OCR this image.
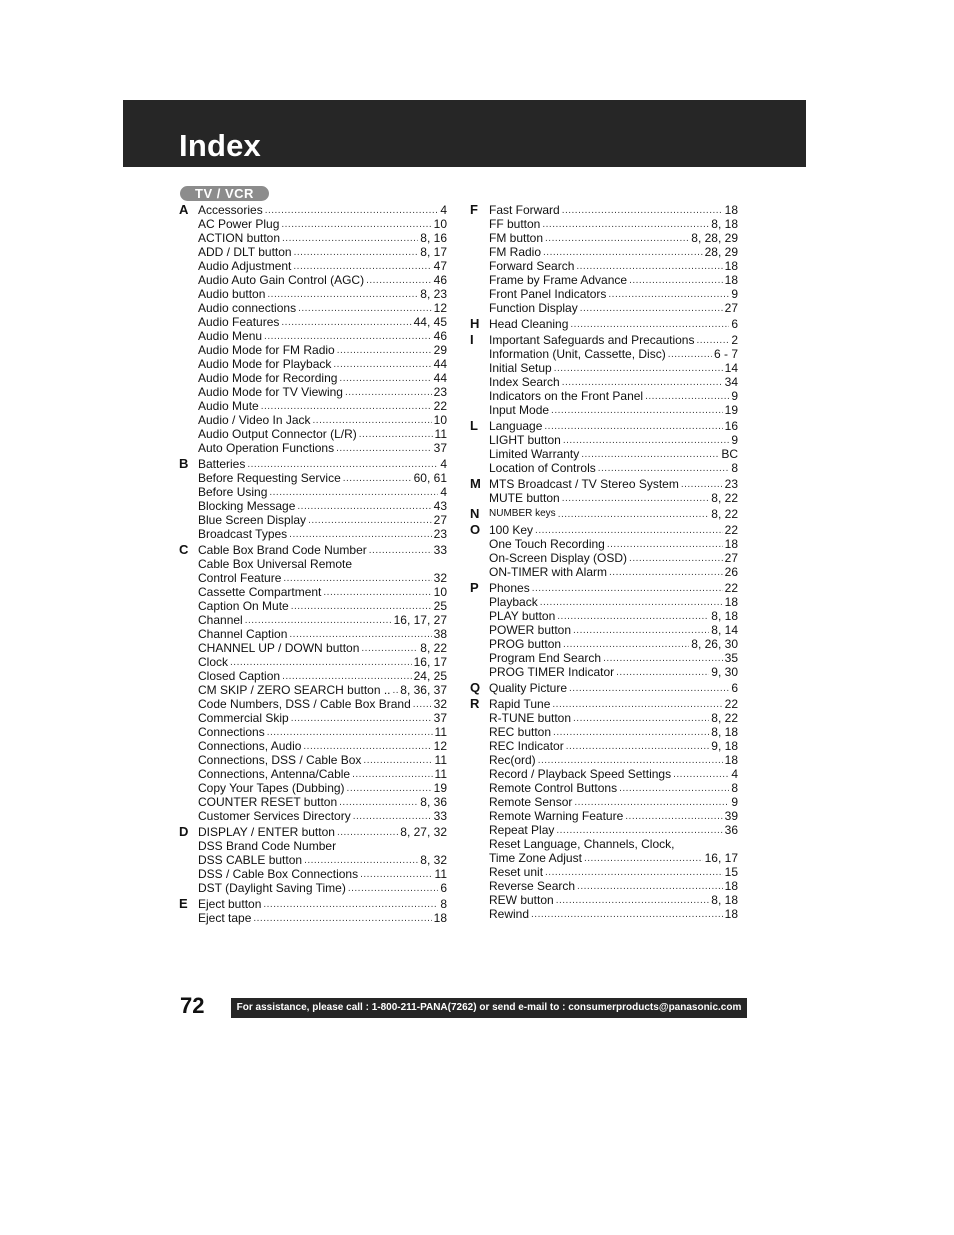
Index
TV / VCR
A Accessories .....	4
AC Power Plug .....	10
ACTION button .....	8, 16
ADD / DLT button .....	8, 17
Audio Adjustment .....	47
Audio Auto Gain Control (AGC) .....	46
Audio button .....	8, 23
Audio connections .....	12
Audio Features .....	44, 45
Audio Menu .....	46
Audio Mode for FM Radio .....	29
Audio Mode for Playback .....	44
Audio Mode for Recording .....	44
Audio Mode for TV Viewing .....	23
Audio Mute .....	22
Audio / Video In Jack .....	10
Audio Output Connector (L/R) .....	11
Auto Operation Functions .....	37
B Batteries .....	4
Before Requesting Service .....	60, 61
Before Using .....	4
Blocking Message .....	43
Blue Screen Display .....	27
Broadcast Types .....	23
C Cable Box Brand Code Number .....	33
Cable Box Universal Remote
Control Feature .....	32
Cassette Compartment .....	10
Caption On Mute .....	25
Channel .....	16, 17, 27
Channel Caption .....	38
CHANNEL UP / DOWN button .....	8, 22
Clock .....	16, 17
Closed Caption .....	24, 25
CM SKIP / ZERO SEARCH button .. ..... 8, 36, 37
Code Numbers, DSS / Cable Box Brand ..... 32
Commercial Skip .....	37
Connections .....	11
Connections, Audio .....	12
Connections, DSS / Cable Box .....	11
Connections, Antenna/Cable .....	11
Copy Your Tapes (Dubbing) .....	19
COUNTER RESET button .....	8, 36
Customer Services Directory .....	33
D DISPLAY / ENTER button .....	8, 27, 32
DSS Brand Code Number
DSS CABLE button .....	8, 32
DSS / Cable Box Connections .....	11
DST (Daylight Saving Time) .....	6
E Eject button .....	8
Eject tape .....	18
F Fast Forward .....	18
FF button .....	8, 18
FM button .....	8, 28, 29
FM Radio .....	28, 29
Forward Search .....	18
Frame by Frame Advance .....	18
Front Panel Indicators .....	9
Function Display .....	27
H Head Cleaning .....	6
I Important Safeguards and Precautions .....	2
Information (Unit, Cassette, Disc) .....	6 - 7
Initial Setup .....	14
Index Search .....	34
Indicators on the Front Panel .....	9
Input Mode .....	19
L Language .....	16
LIGHT button .....	9
Limited Warranty .....	BC
Location of Controls .....	8
M MTS Broadcast / TV Stereo System .....	23
MUTE button .....	8, 22
N NUMBER keys .....	8, 22
O 100 Key .....	22
One Touch Recording .....	18
On-Screen Display (OSD) .....	27
ON-TIMER with Alarm .....	26
P Phones .....	22
Playback .....	18
PLAY button .....	8, 18
POWER button .....	8, 14
PROG button .....	8, 26, 30
Program End Search .....	35
PROG TIMER Indicator .....	9, 30
Q Quality Picture .....	6
R Rapid Tune .....	22
R-TUNE button .....	8, 22
REC button .....	8, 18
REC Indicator .....	9, 18
Rec(ord) .....	18
Record / Playback Speed Settings .....	4
Remote Control Buttons .....	8
Remote Sensor .....	9
Remote Warning Feature .....	39
Repeat Play .....	36
Reset Language, Channels, Clock,
Time Zone Adjust .....	16, 17
Reset unit .....	15
Reverse Search .....	18
REW button .....	8, 18
Rewind .....	18
72	For assistance, please call : 1-800-211-PANA(7262) or send e-mail to : consumerproducts@panasonic.com
